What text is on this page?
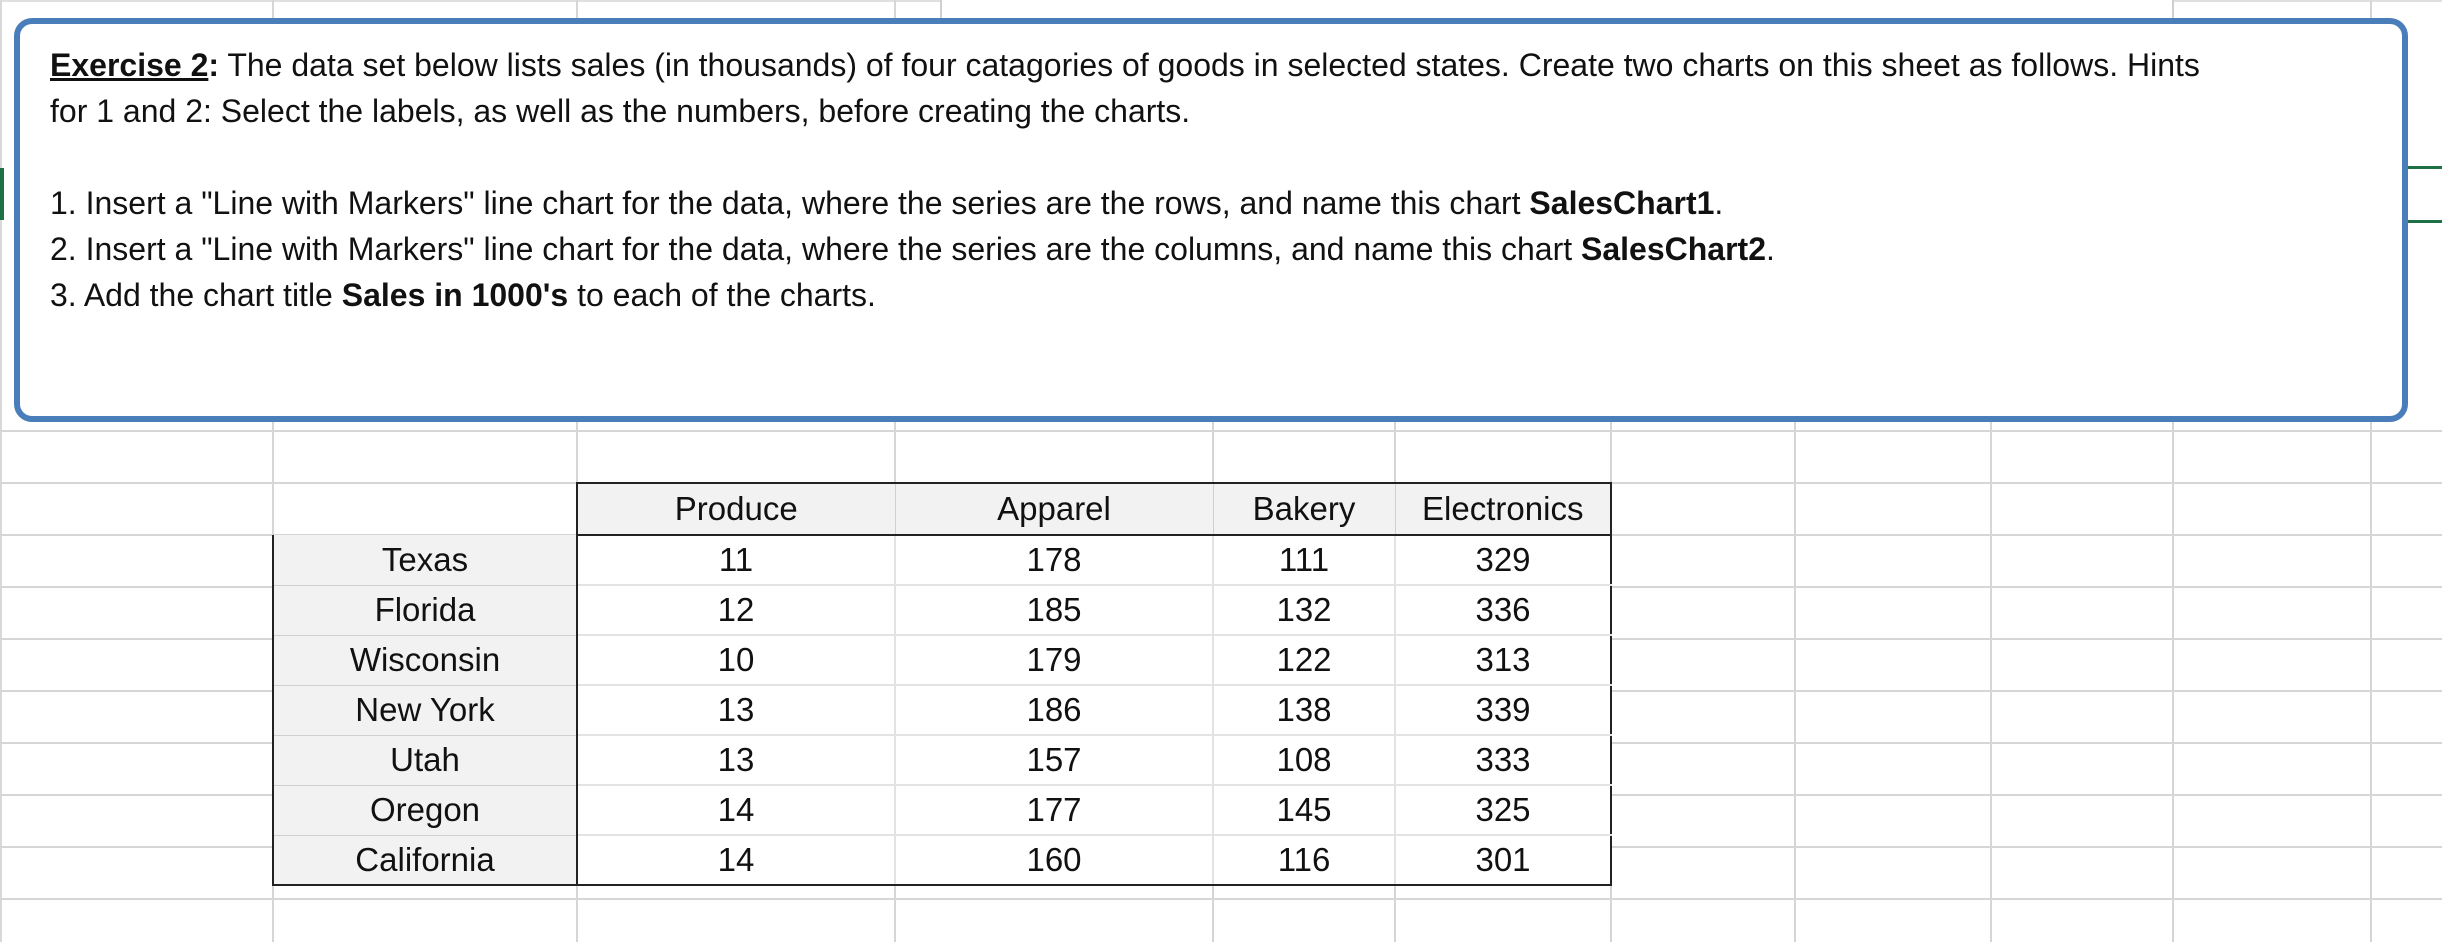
Exercise 2: The data set below lists sales (in thousands) of four catagories of goods in selected states. Create two charts on this sheet as follows. Hints

for 1 and 2: Select the labels, as well as the numbers, before creating the charts.

1. Insert a "Line with Markers" line chart for the data, where the series are the rows, and name this chart SalesChart1.

2. Insert a "Line with Markers" line chart for the data, where the series are the columns, and name this chart SalesChart2.

3. Add the chart title Sales in 1000's to each of the charts.

	Produce	Apparel	Bakery	Electronics
Texas	11	178	111	329
Florida	12	185	132	336
Wisconsin	10	179	122	313
New York	13	186	138	339
Utah	13	157	108	333
Oregon	14	177	145	325
California	14	160	116	301
